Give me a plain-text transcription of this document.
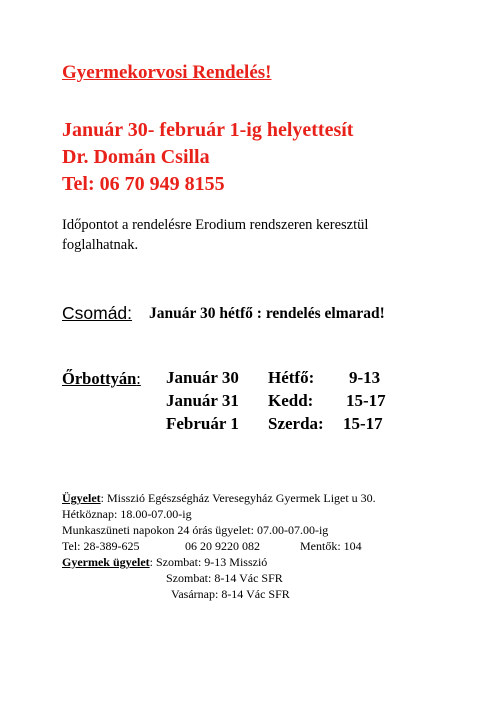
Gyermekorvosi Rendelés!
Január 30- február 1-ig helyettesít
Dr. Domán Csilla
Tel: 06 70 949 8155
Időpontot a rendelésre Erodium rendszeren keresztül foglalhatnak.
Csomád: Január 30 hétfő : rendelés elmarad!
Őrbottyán: Január 30 Hétfő: 9-13
Január 31 Kedd: 15-17
Február 1 Szerda: 15-17
Ügyelet: Misszió Egészségház Veresegyház Gyermek Liget u 30.
Hétköznap: 18.00-07.00-ig
Munkaszüneti napokon 24 órás ügyelet: 07.00-07.00-ig
Tel: 28-389-625	06 20 9220 082	Mentők: 104
Gyermek ügyelet: Szombat: 9-13 Misszió
Szombat: 8-14 Vác SFR
Vasárnap: 8-14 Vác SFR
